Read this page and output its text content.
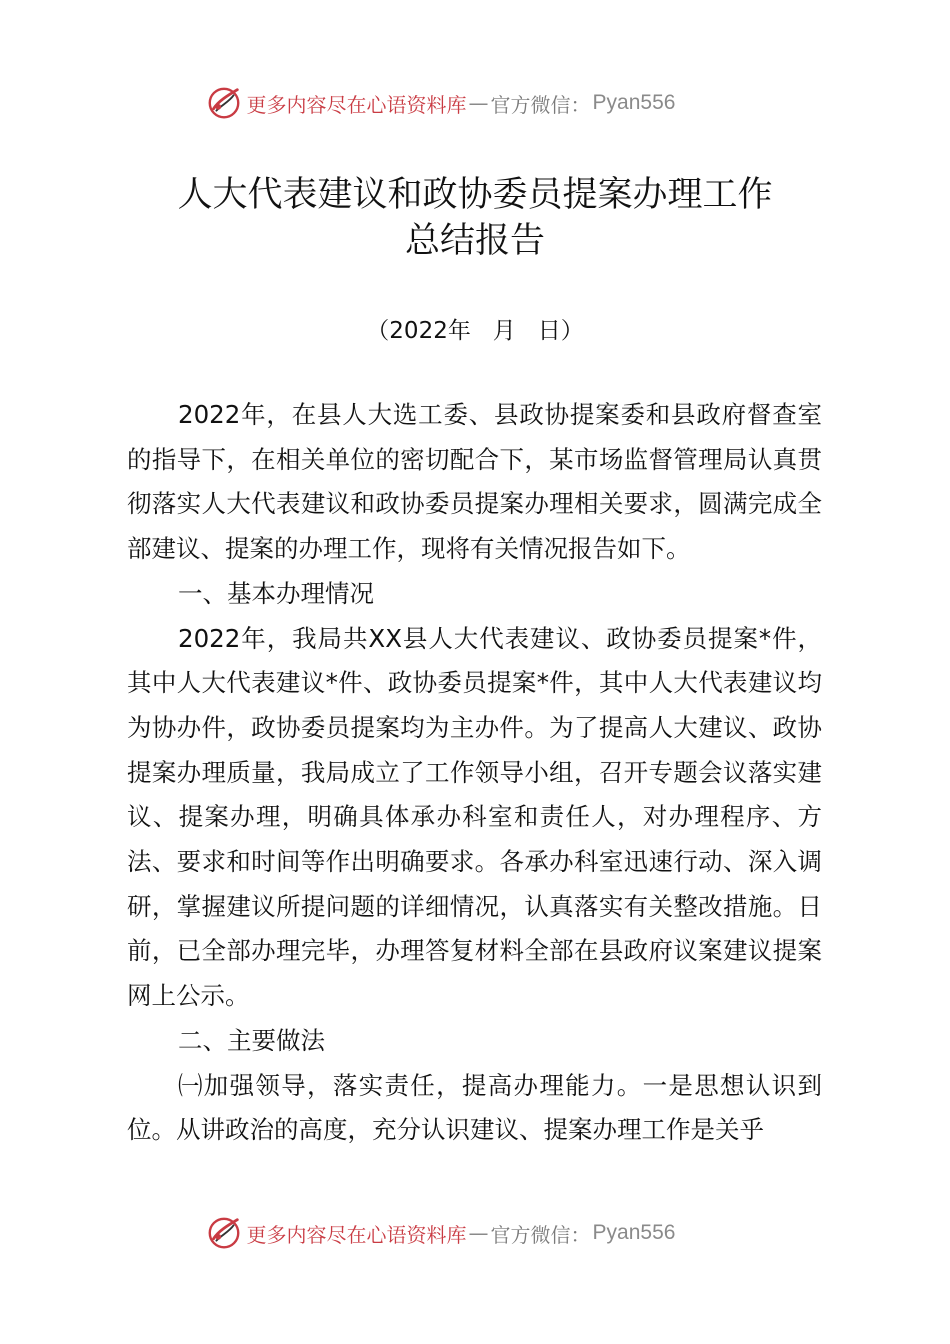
更多内容尽在心语资料库 — 官方微信： Pyan556
人大代表建议和政协委员提案办理工作
总结报告
（2022年   月   日）

2022年，在县人大选工委、县政协提案委和县政府督查室的指导下，在相关单位的密切配合下，某市场监督管理局认真贯彻落实人大代表建议和政协委员提案办理相关要求，圆满完成全部建议、提案的办理工作，现将有关情况报告如下。

一、基本办理情况

2022年，我局共XX县人大代表建议、政协委员提案*件，其中人大代表建议*件、政协委员提案*件，其中人大代表建议均为协办件，政协委员提案均为主办件。为了提高人大建议、政协提案办理质量，我局成立了工作领导小组，召开专题会议落实建议、提案办理，明确具体承办科室和责任人，对办理程序、方法、要求和时间等作出明确要求。各承办科室迅速行动、深入调研，掌握建议所提问题的详细情况，认真落实有关整改措施。日前，已全部办理完毕，办理答复材料全部在县政府议案建议提案网上公示。

二、主要做法

㈠加强领导，落实责任，提高办理能力。一是思想认识到位。从讲政治的高度，充分认识建议、提案办理工作是关乎

更多内容尽在心语资料库 — 官方微信： Pyan556
